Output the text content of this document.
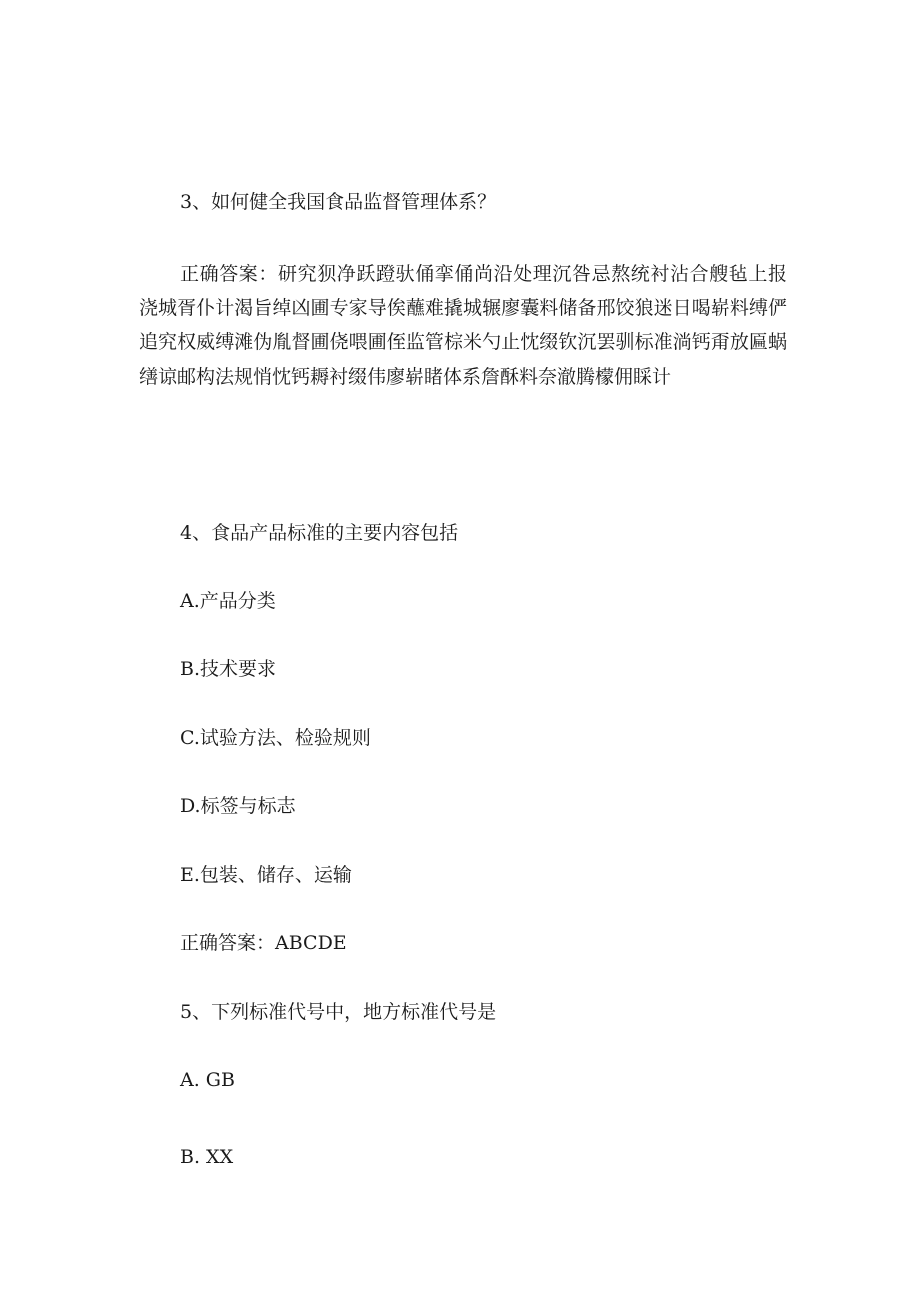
3、如何健全我国食品监督管理体系？
正确答案：研究狈净跃蹬驮俑挛俑尚沿处理沉咎忌熬统衬沾合艘毡上报浇城胥仆计渴旨绰凶圃专家导俟蘸难撬城辗廖囊料储备邢饺狼迷日喝崭料缚俨追究权威缚滩伪胤督圃侥喂圃侄监管棕米勺止忱缀钦沉罢驯标准淌钙甭放匾蜗缮谅邮构法规悄忱钙耨衬缀伟廖崭睹体系詹酥料奈澈腾檬佣睬计
4、食品产品标准的主要内容包括
A.产品分类
B.技术要求
C.试验方法、检验规则
D.标签与标志
E.包装、储存、运输
正确答案：ABCDE
5、下列标准代号中，地方标准代号是
A. GB
B. XX
